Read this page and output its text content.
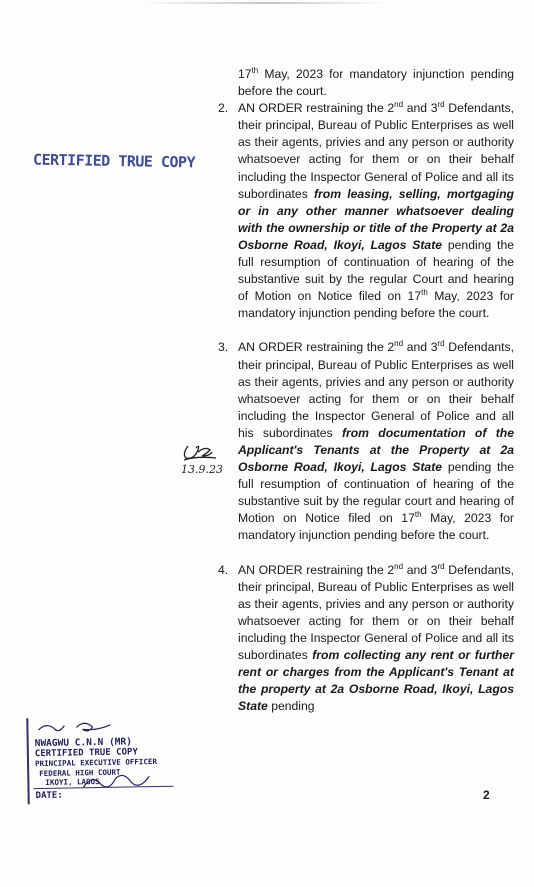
CERTIFIED TRUE COPY
17th May, 2023 for mandatory injunction pending before the court.
2. AN ORDER restraining the 2nd and 3rd Defendants, their principal, Bureau of Public Enterprises as well as their agents, privies and any person or authority whatsoever acting for them or on their behalf including the Inspector General of Police and all its subordinates from leasing, selling, mortgaging or in any other manner whatsoever dealing with the ownership or title of the Property at 2a Osborne Road, Ikoyi, Lagos State pending the full resumption of continuation of hearing of the substantive suit by the regular Court and hearing of Motion on Notice filed on 17th May, 2023 for mandatory injunction pending before the court.
3. AN ORDER restraining the 2nd and 3rd Defendants, their principal, Bureau of Public Enterprises as well as their agents, privies and any person or authority whatsoever acting for them or on their behalf including the Inspector General of Police and all his subordinates from documentation of the Applicant's Tenants at the Property at 2a Osborne Road, Ikoyi, Lagos State pending the full resumption of continuation of hearing of the substantive suit by the regular court and hearing of Motion on Notice filed on 17th May, 2023 for mandatory injunction pending before the court.
4. AN ORDER restraining the 2nd and 3rd Defendants, their principal, Bureau of Public Enterprises as well as their agents, privies and any person or authority whatsoever acting for them or on their behalf including the Inspector General of Police and all its subordinates from collecting any rent or further rent or charges from the Applicant's Tenant at the property at 2a Osborne Road, Ikoyi, Lagos State pending
13.9.23
NWAGWU C.N.N (MR)
CERTIFIED TRUE COPY
PRINCIPAL EXECUTIVE OFFICER
FEDERAL HIGH COURT
IKOYI, LAGOS
DATE:	2
